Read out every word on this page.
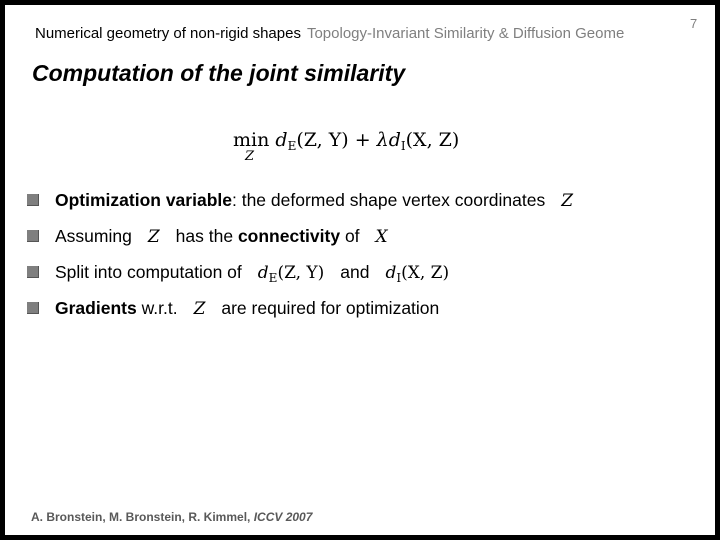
Numerical geometry of non-rigid shapes Topology-Invariant Similarity & Diffusion Geome
7
Computation of the joint similarity
min
Z
$d_E(Z$, $Y) + \lambda d_I(X$, Z)
Optimization variable: the deformed shape vertex coordinates Z
Assuming Z has the connectivity of X
Split into computation of $d_E(Z$, Y) and $d_I(X$, Z)
Gradients w.r.t. Z are required for optimization
A. Bronstein, M. Bronstein, R. Kimmel, ICCV 2007
